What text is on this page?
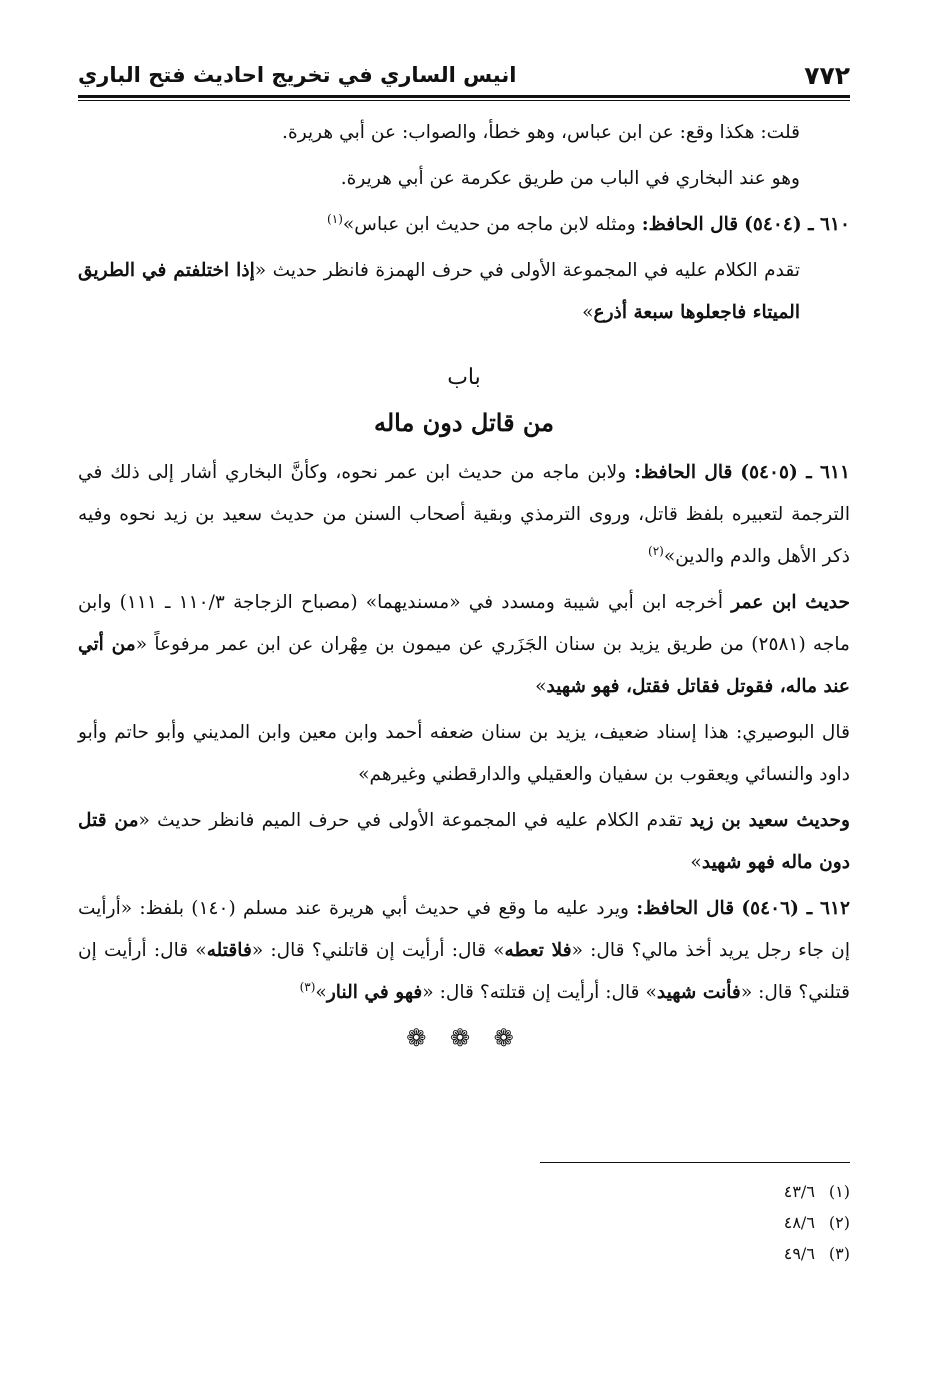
٧٧٢
انيس الساري في تخريج احاديث فتح الباري

قلت: هكذا وقع: عن ابن عباس، وهو خطأ، والصواب: عن أبي هريرة.

وهو عند البخاري في الباب من طريق عكرمة عن أبي هريرة.

٦١٠ ـ (٥٤٠٤) قال الحافظ: ومثله لابن ماجه من حديث ابن عباس»$^{(١)}$

تقدم الكلام عليه في المجموعة الأولى في حرف الهمزة فانظر حديث «إذا اختلفتم في الطريق الميتاء فاجعلوها سبعة أذرع»

باب
من قاتل دون ماله

٦١١ ـ (٥٤٠٥) قال الحافظ: ولابن ماجه من حديث ابن عمر نحوه، وكأنَّ البخاري أشار إلى ذلك في الترجمة لتعبيره بلفظ قاتل، وروى الترمذي وبقية أصحاب السنن من حديث سعيد بن زيد نحوه وفيه ذكر الأهل والدم والدين»$^{(٢)}$

حديث ابن عمر أخرجه ابن أبي شيبة ومسدد في «مسنديهما» (مصباح الزجاجة ١١٠/٣ ـ ١١١) وابن ماجه (٢٥٨١) من طريق يزيد بن سنان الجَزَري عن ميمون بن مِهْران عن ابن عمر مرفوعاً «من أتي عند ماله، فقوتل فقاتل فقتل، فهو شهيد»

قال البوصيري: هذا إسناد ضعيف، يزيد بن سنان ضعفه أحمد وابن معين وابن المديني وأبو حاتم وأبو داود والنسائي ويعقوب بن سفيان والعقيلي والدارقطني وغيرهم»

وحديث سعيد بن زيد تقدم الكلام عليه في المجموعة الأولى في حرف الميم فانظر حديث «من قتل دون ماله فهو شهيد»

٦١٢ ـ (٥٤٠٦) قال الحافظ: ويرد عليه ما وقع في حديث أبي هريرة عند مسلم (١٤٠) بلفظ: «أرأيت إن جاء رجل يريد أخذ مالي؟ قال: «فلا تعطه» قال: أرأيت إن قاتلني؟ قال: «فاقتله» قال: أرأيت إن قتلني؟ قال: «فأنت شهيد» قال: أرأيت إن قتلته؟ قال: «فهو في النار»$^{(٣)}$

❁ ❁ ❁
(١)٤٣/٦
(٢)٤٨/٦
(٣)٤٩/٦
